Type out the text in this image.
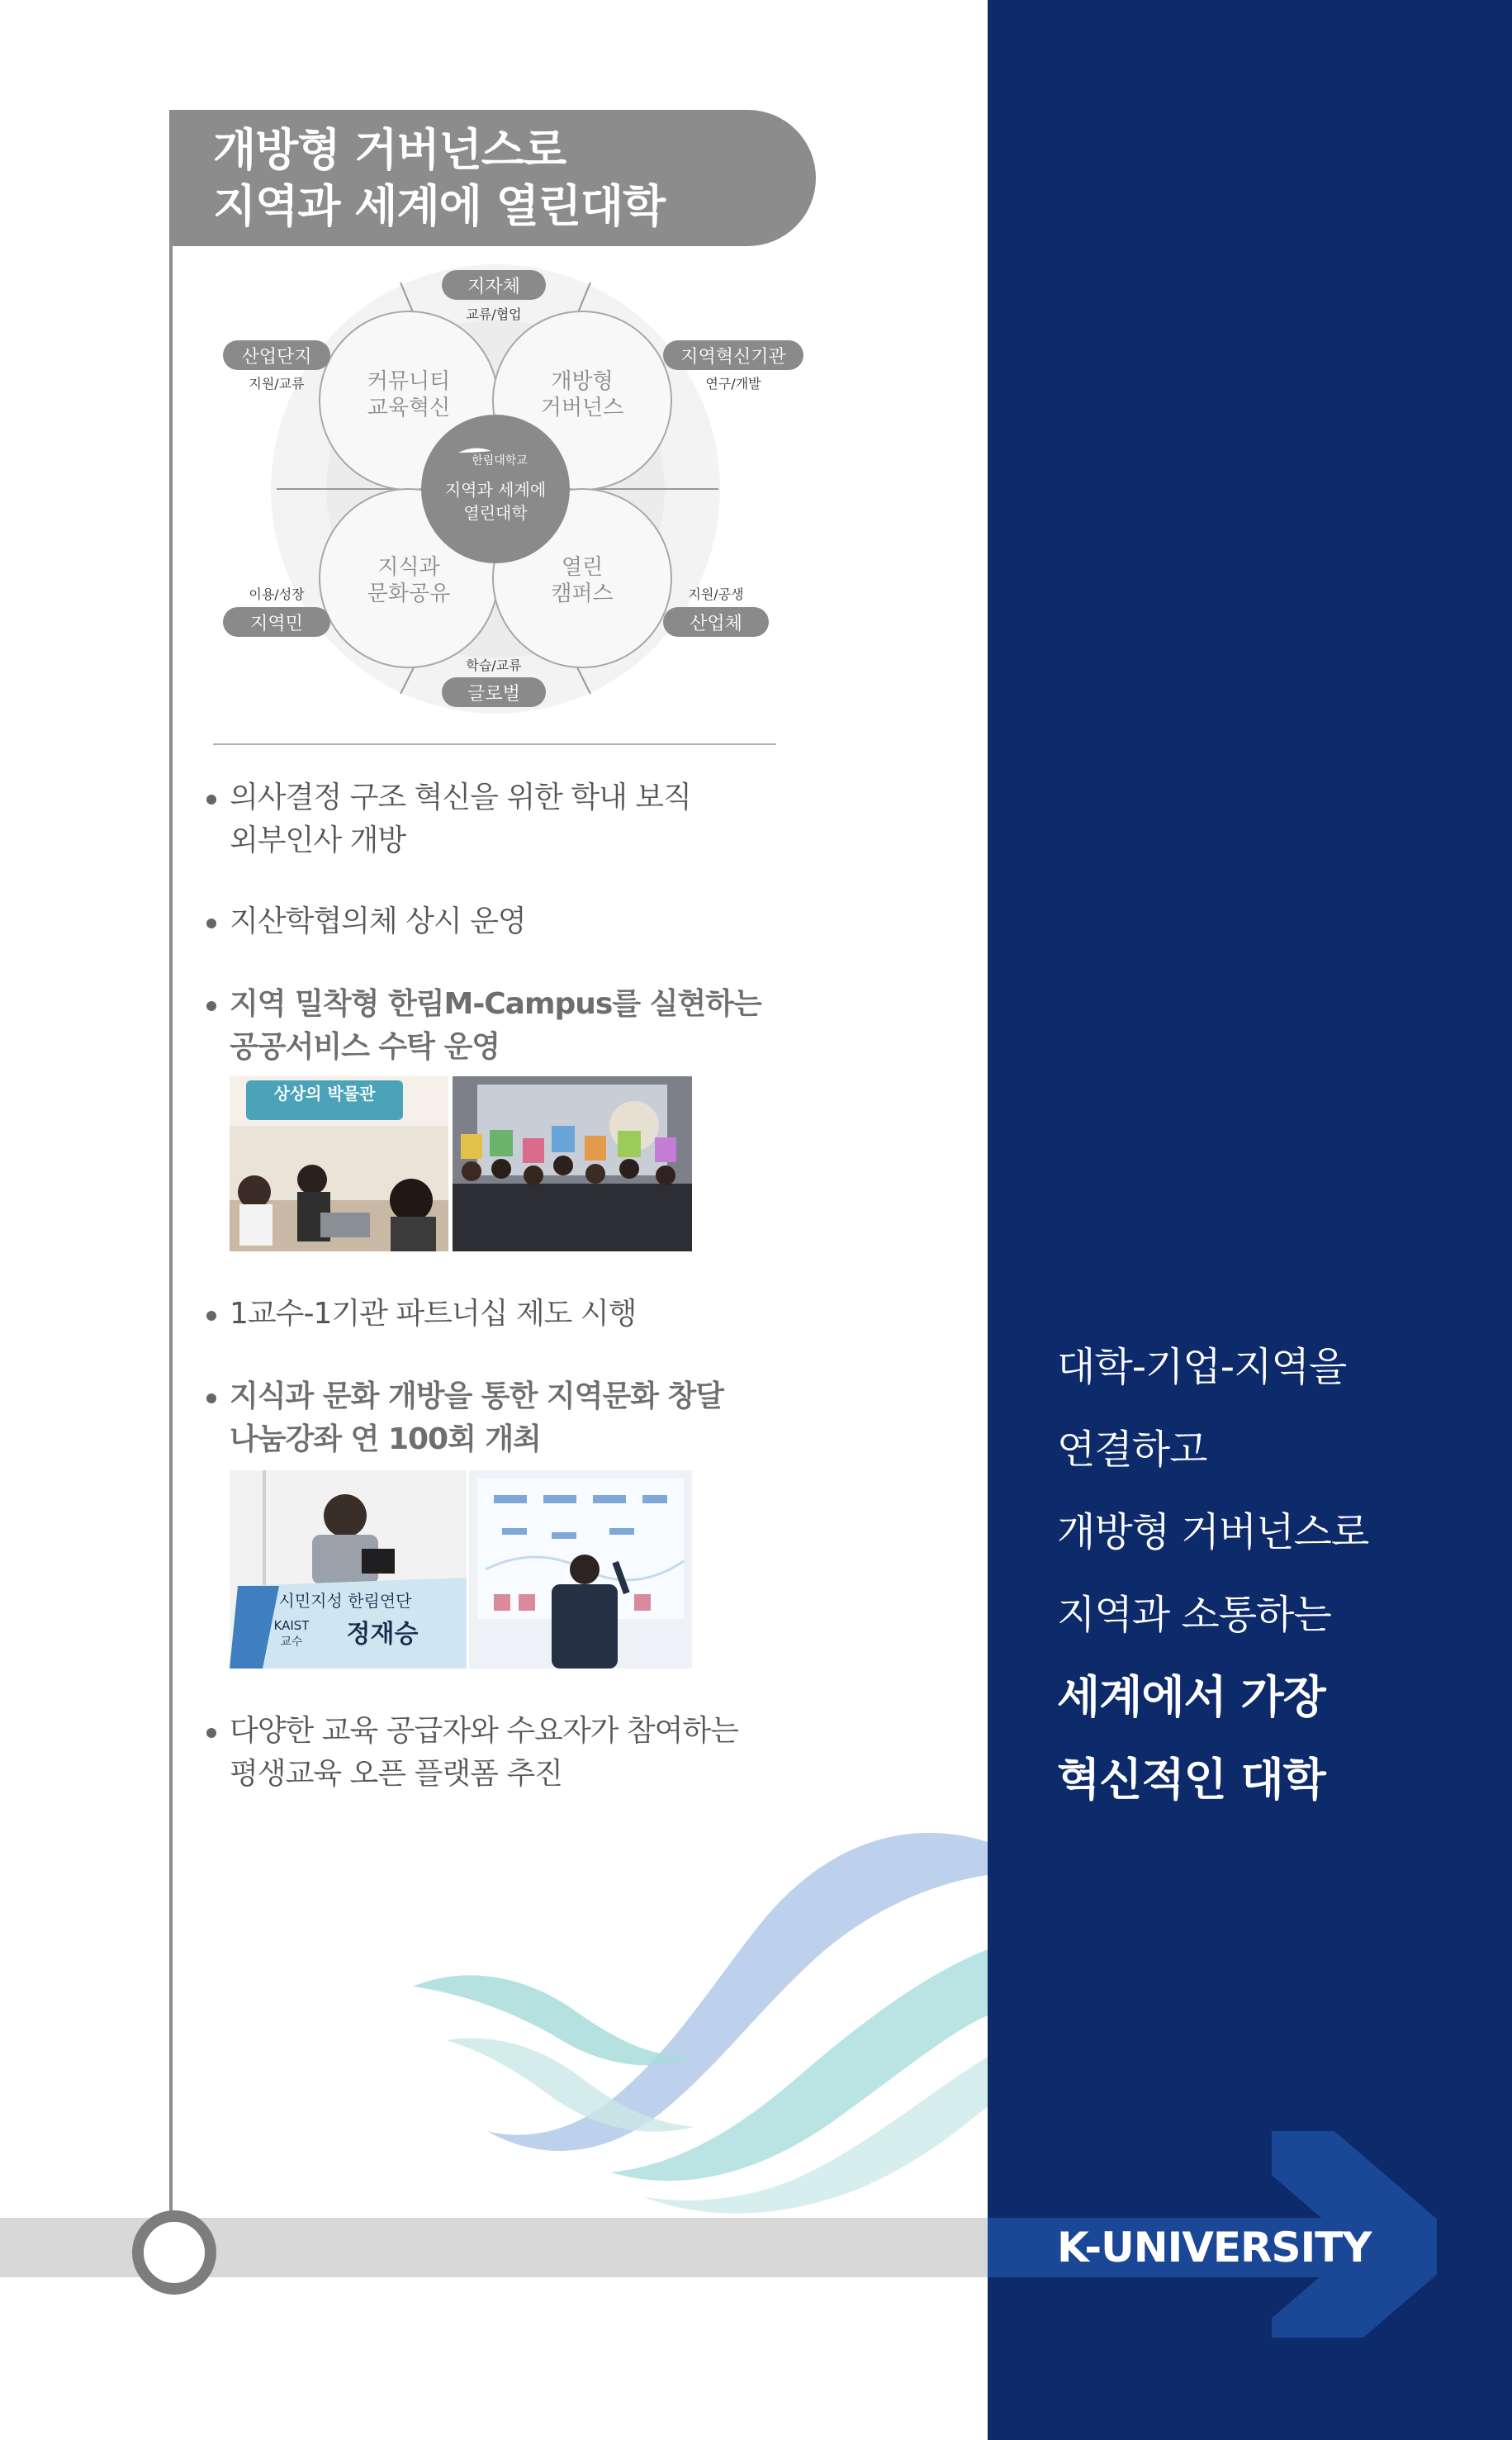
K-UNIVERSITY
개방형 거버넌스로
지역과 세계에 열린대학
한림대학교
지역과 세계에
열린대학
커뮤니티
교육혁신
개방형
거버넌스
지식과
문화공유
열린
캠퍼스
지자체
교류/협업
지역혁신기관
연구/개발
지원/공생
산업체
학습/교류
글로벌
이용/성장
지역민
산업단지
지원/교류
의사결정 구조 혁신을 위한 학내 보직
외부인사 개방
지산학협의체 상시 운영
지역 밀착형 한림M-Campus를 실현하는
공공서비스 수탁 운영
상상의 박물관
1교수-1기관 파트너십 제도 시행
지식과 문화 개방을 통한 지역문화 창달
나눔강좌 연 100회 개최
시민지성 한림연단
KAIST
교수 정재승
다양한 교육 공급자와 수요자가 참여하는
평생교육 오픈 플랫폼 추진
대학-기업-지역을
연결하고
개방형 거버넌스로
지역과 소통하는
세계에서 가장
혁신적인 대학
